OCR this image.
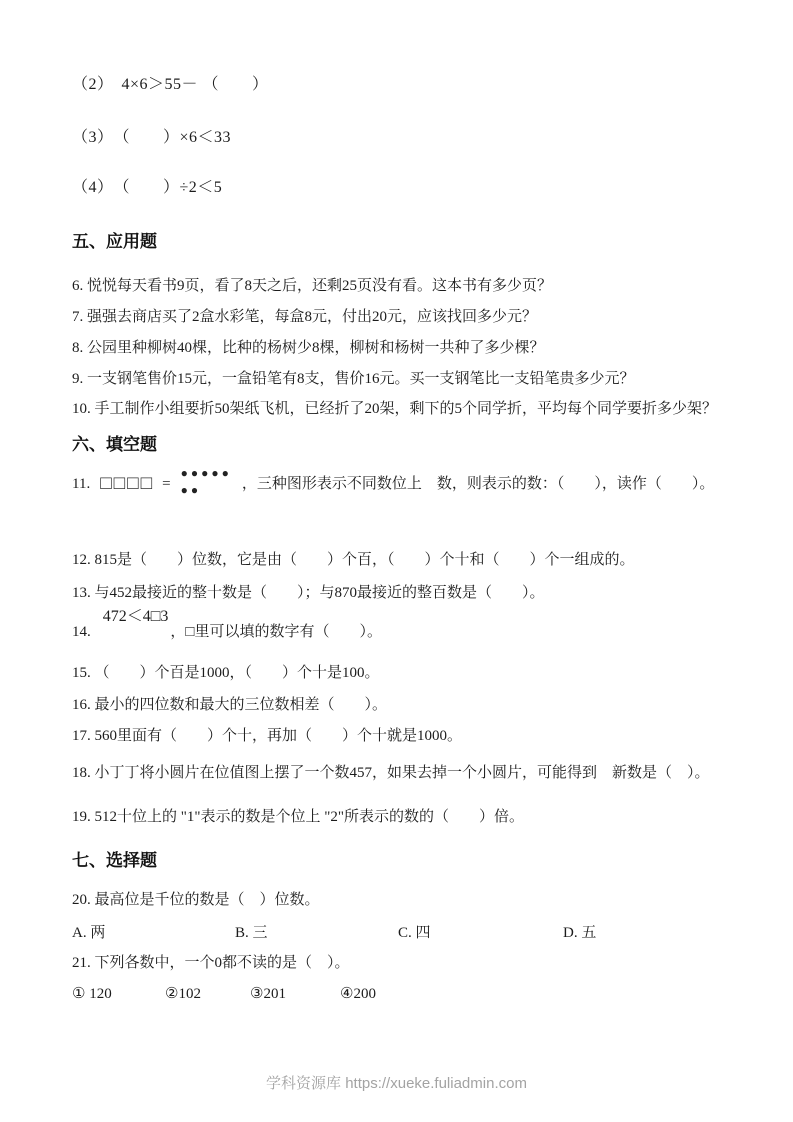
（2） 4×6＞55－ （　　）
（3） （　　）×6＜33
（4） （　　）÷2＜5
五、应用题
6. 悦悦每天看书9页，看了8天之后，还剩25页没有看。这本书有多少页？
7. 强强去商店买了2盒水彩笔，每盒8元，付出20元，应该找回多少元？
8. 公园里种柳树40棵，比种的杨树少8棵，柳树和杨树一共种了多少棵？
9. 一支钢笔售价15元，一盒铅笔有8支，售价16元。买一支钢笔比一支铅笔贵多少元？
10. 手工制作小组要折50架纸飞机，已经折了20架，剩下的5个同学折，平均每个同学要折多少架？
六、填空题
11. □□□□ =
●●●●●
●●	，三种图形表示不同数位上　数，则表示的数：（　　），读作（　　）。
12. 815是（　　）位数，它是由（　　）个百，（　　）个十和（　　）个一组成的。
13. 与452最接近的整十数是（　　）；与870最接近的整百数是（　　）。
14.
472＜4□3
，□里可以填的数字有（　　）。
15. （　　）个百是1000，（　　）个十是100。
16. 最小的四位数和最大的三位数相差（　　）。
17. 560里面有（　　）个十，再加（　　）个十就是1000。
18. 小丁丁将小圆片在位值图上摆了一个数457，如果去掉一个小圆片，可能得到　新数是（　）。
19. 512十位上的 "1"表示的数是个位上 "2"所表示的数的（　　）倍。
七、选择题
20. 最高位是千位的数是（　）位数。
A. 两	B. 三	C. 四	D. 五
21. 下列各数中，一个0都不读的是（　）。
① 120	②102	③201	④200
学科资源库 https://xueke.fuliadmin.com
